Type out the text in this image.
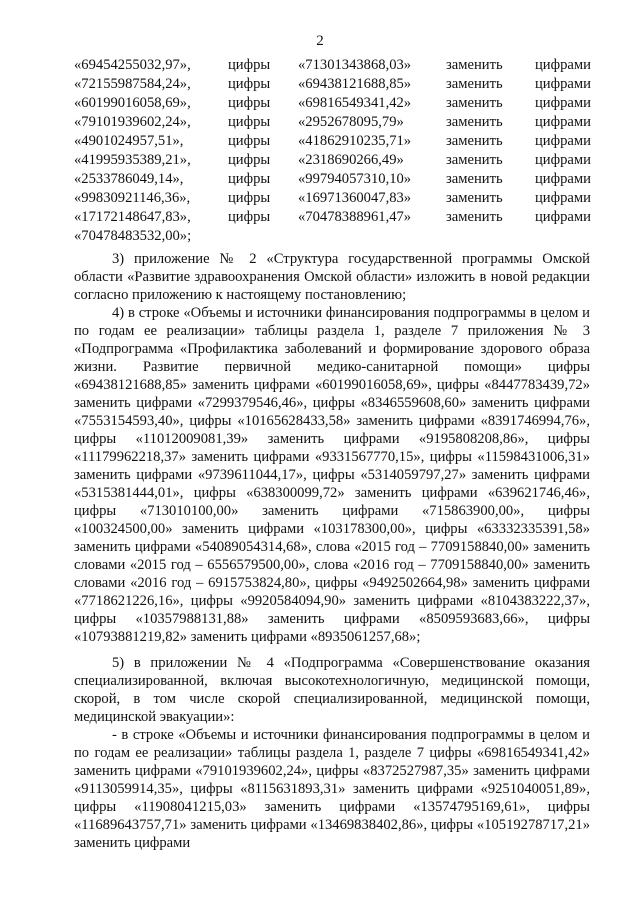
2
«69454255032,97»,	цифры «71301343868,03» заменить цифрами
«72155987584,24»,	цифры «69438121688,85» заменить цифрами
«60199016058,69»,	цифры «69816549341,42» заменить цифрами
«79101939602,24»,	цифры «2952678095,79»	заменить цифрами
«4901024957,51»,	цифры «41862910235,71» заменить цифрами
«41995935389,21»,	цифры «2318690266,49»	заменить цифрами
«2533786049,14»,	цифры «99794057310,10» заменить цифрами
«99830921146,36»,	цифры «16971360047,83» заменить цифрами
«17172148647,83»,	цифры «70478388961,47» заменить цифрами
«70478483532,00»;

3) приложение № 2 «Структура государственной программы Омской области «Развитие здравоохранения Омской области» изложить в новой редакции согласно приложению к настоящему постановлению;

4) в строке «Объемы и источники финансирования подпрограммы в целом и по годам ее реализации» таблицы раздела 1, разделе 7 приложения № 3 «Подпрограмма «Профилактика заболеваний и формирование здорового образа жизни. Развитие первичной медико-санитарной помощи» цифры «69438121688,85» заменить цифрами «60199016058,69», цифры «8447783439,72» заменить цифрами «7299379546,46», цифры «8346559608,60» заменить цифрами «7553154593,40», цифры «10165628433,58» заменить цифрами «8391746994,76», цифры «11012009081,39» заменить цифрами «9195808208,86», цифры «11179962218,37» заменить цифрами «9331567770,15», цифры «11598431006,31» заменить цифрами «9739611044,17», цифры «5314059797,27» заменить цифрами «5315381444,01», цифры «638300099,72» заменить цифрами «639621746,46», цифры «713010100,00» заменить цифрами «715863900,00», цифры «100324500,00» заменить цифрами «103178300,00», цифры «63332335391,58» заменить цифрами «54089054314,68», слова «2015 год – 7709158840,00» заменить словами «2015 год – 6556579500,00», слова «2016 год – 7709158840,00» заменить словами «2016 год – 6915753824,80», цифры «9492502664,98» заменить цифрами «7718621226,16», цифры «9920584094,90» заменить цифрами «8104383222,37», цифры «10357988131,88» заменить цифрами «8509593683,66», цифры «10793881219,82» заменить цифрами «8935061257,68»;

5) в приложении № 4 «Подпрограмма «Совершенствование оказания специализированной, включая высокотехнологичную, медицинской помощи, скорой, в том числе скорой специализированной, медицинской помощи, медицинской эвакуации»:

- в строке «Объемы и источники финансирования подпрограммы в целом и по годам ее реализации» таблицы раздела 1, разделе 7 цифры «69816549341,42» заменить цифрами «79101939602,24», цифры «8372527987,35» заменить цифрами «9113059914,35», цифры «8115631893,31» заменить цифрами «9251040051,89», цифры «11908041215,03» заменить цифрами «13574795169,61», цифры «11689643757,71» заменить цифрами «13469838402,86», цифры «10519278717,21» заменить цифрами
